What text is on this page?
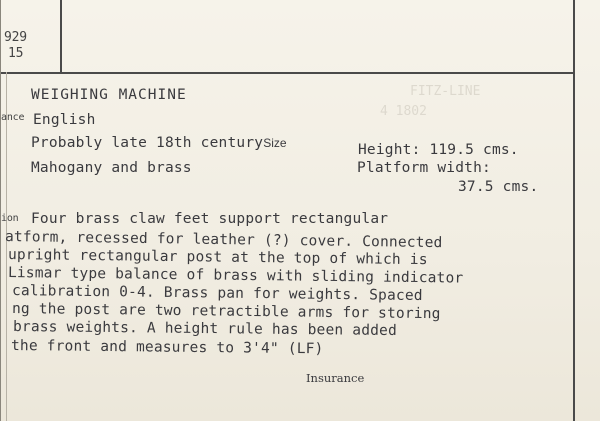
929
15
FITZ-LINE
4 1802
WEIGHING MACHINE
ance English
Probably late 18th centurySize	Height: 119.5 cms.
Platform width:
37.5 cms.
Mahogany and brass
ion Four brass claw feet support rectangular
atform, recessed for leather (?) cover. Connected
upright rectangular post at the top of which is
Lismar type balance of brass with sliding indicator
calibration 0-4. Brass pan for weights. Spaced
ng the post are two retractible arms for storing
brass weights. A height rule has been added
the front and measures to 3'4" (LF)
Insurance
